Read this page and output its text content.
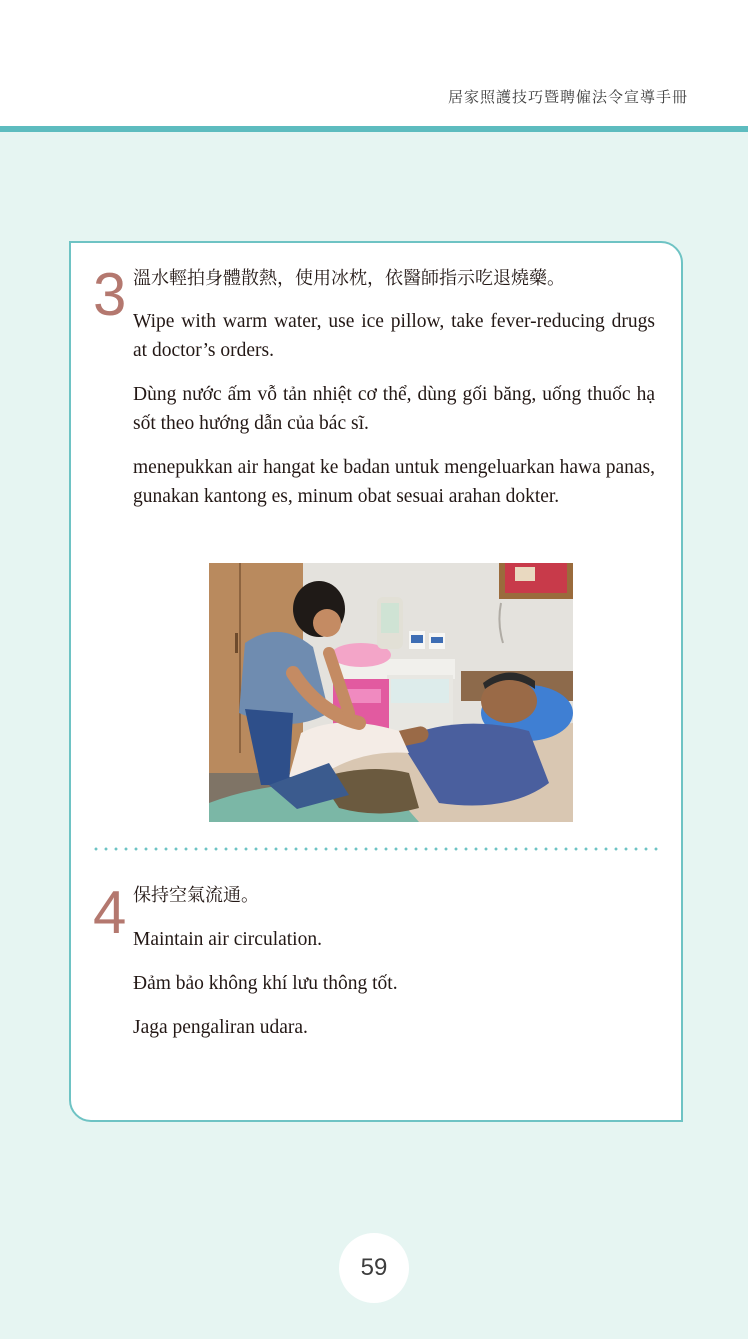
居家照護技巧暨聘僱法令宣導手冊
3 溫水輕拍身體散熱，使用冰枕，依醫師指示吃退燒藥。
Wipe with warm water, use ice pillow, take fever-reducing drugs at doctor’s orders.
Dùng nước ấm vỗ tản nhiệt cơ thể, dùng gối băng, uống thuốc hạ sốt theo hướng dẫn của bác sĩ.
menepukkan air hangat ke badan untuk mengeluarkan hawa panas, gunakan kantong es, minum obat sesuai arahan dokter.
4 保持空氣流通。
Maintain air circulation.
Đảm bảo không khí lưu thông tốt.
Jaga pengaliran udara.
59
